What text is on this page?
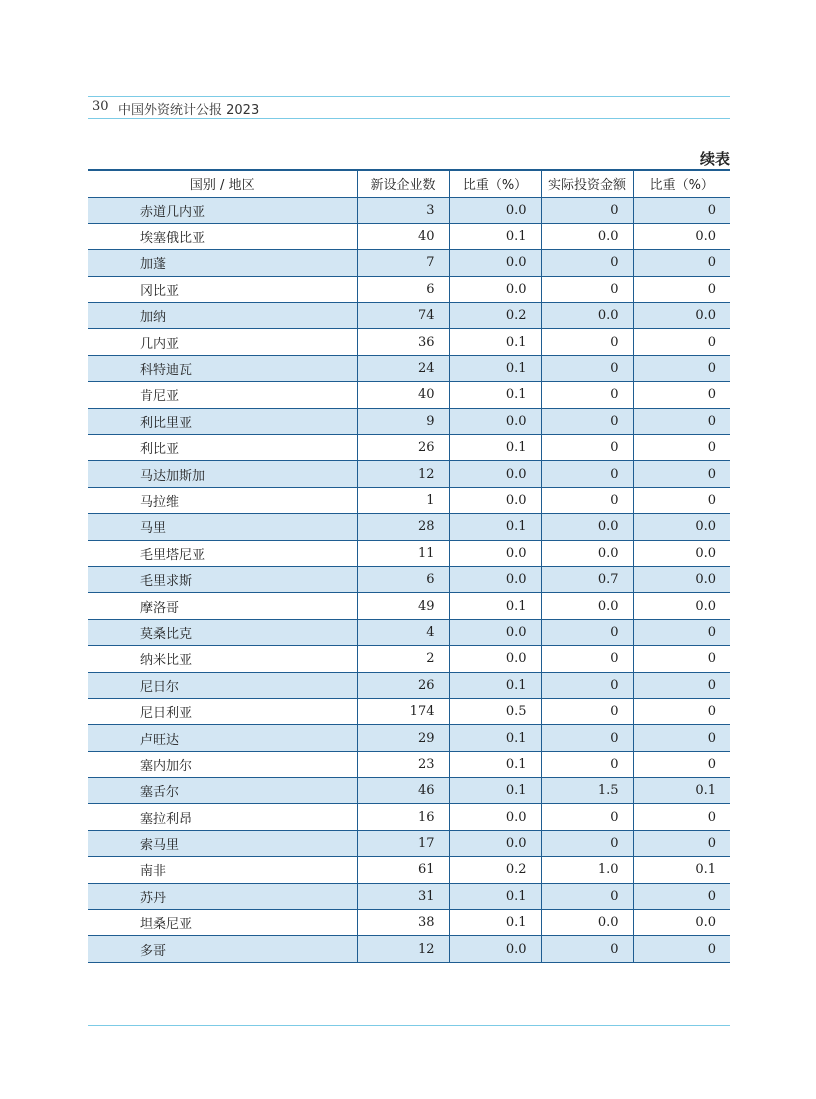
30 中国外资统计公报 2023
续表
国别 / 地区	新设企业数	比重（%）	实际投资金额	比重（%）
赤道几内亚	3	0.0	0	0
埃塞俄比亚	40	0.1	0.0	0.0
加蓬	7	0.0	0	0
冈比亚	6	0.0	0	0
加纳	74	0.2	0.0	0.0
几内亚	36	0.1	0	0
科特迪瓦	24	0.1	0	0
肯尼亚	40	0.1	0	0
利比里亚	9	0.0	0	0
利比亚	26	0.1	0	0
马达加斯加	12	0.0	0	0
马拉维	1	0.0	0	0
马里	28	0.1	0.0	0.0
毛里塔尼亚	11	0.0	0.0	0.0
毛里求斯	6	0.0	0.7	0.0
摩洛哥	49	0.1	0.0	0.0
莫桑比克	4	0.0	0	0
纳米比亚	2	0.0	0	0
尼日尔	26	0.1	0	0
尼日利亚	174	0.5	0	0
卢旺达	29	0.1	0	0
塞内加尔	23	0.1	0	0
塞舌尔	46	0.1	1.5	0.1
塞拉利昂	16	0.0	0	0
索马里	17	0.0	0	0
南非	61	0.2	1.0	0.1
苏丹	31	0.1	0	0
坦桑尼亚	38	0.1	0.0	0.0
多哥	12	0.0	0	0
